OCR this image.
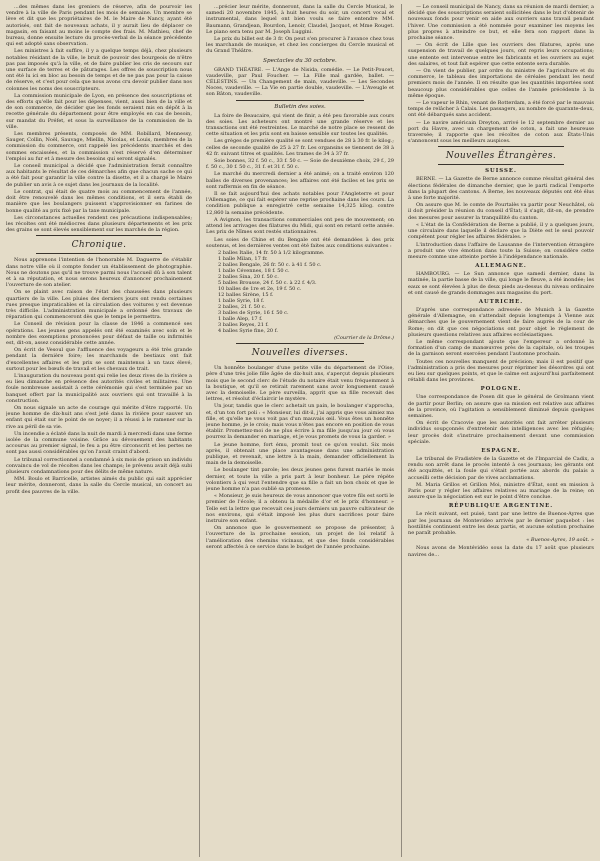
...des mêmes dans les greniers de réserve, afin de pourvoir les vendre à la ville de Paris pendant les mois de semaine. Un membre se lève et dit que les propriétaires de M. le Maire de Nancy, ayant été autorisés, ont fait de nouveaux achats, il y aurait lieu de déplacer ce magasin, en faisant au moins le compte des frais. M. Mathieu, chef de bureau, donne ensuite lecture du procès-verbal de la séance précédente qui est adopté sans observation.

Les ministres à fait suffire, il y a quelque temps déjà, chez plusieurs notables résidant de la ville, le bruit de pouvoir des bourgeois de n'être pas pas imposés qu'à la ville, et de faire publier les cris de secours sur une surface de terres et de pâturages. Les offres de souscription nous ont été lu ici en bloc au besoin de temps et de ne pas pas pour la caisse de réserve, et c'est pour cela que nous avons cru devoir publier dans nos colonnes les noms des souscripteurs.

La commission municipale de Lyon, en présence des souscriptions et des efforts qu'elle fait pour les dépenses, vient, aussi bien de la ville et de son commerce, de décider que les fonds seraient mis en dépôt à la recette générale du département pour être employés en cas de besoin, sur mandat du Préfet, et sous la surveillance de la commission de la ville.

Les membres présents, composés de MM. Robillard, Mennessy, Sauger, Collin, Noël, Sauvage, Miellin, Nicolas, et Louis, membres de la commission du commerce, ont rappelé les précédents marchés et des sommes encaissées, et la commission s'est réservé d'en déterminer l'emploi au fur et à mesure des besoins qui seront signalés.

Le conseil municipal a décidé que l'administration ferait connaître aux habitants le résultat de ces démarches afin que chacun sache ce qui a été fait pour garantir la ville contre la disette, et il a chargé le Maire de publier un avis à ce sujet dans les journaux de la localité.

Le contrat, qui était de quatre mois au commencement de l'année, doit être renouvelé dans les mêmes conditions, et il sera établi de manière que les boulangers puissent s'approvisionner en farines de bonne qualité au prix fixé par la taxe municipale.

Les circonstances actuelles rendent ces précautions indispensables; les récoltes ont été médiocres dans plusieurs départements et les prix des grains se sont élevés sensiblement sur les marchés de la région.

Chronique.

Nous apprenons l'intention de l'honorable M. Daguerre de s'établir dans notre ville où il compte fonder un établissement de photographie. Nous ne doutons pas qu'il ne trouve parmi nous l'accueil dû à son talent et à sa réputation, et nous serons heureux d'annoncer prochainement l'ouverture de son atelier.

On se plaint avec raison de l'état des chaussées dans plusieurs quartiers de la ville. Les pluies des derniers jours ont rendu certaines rues presque impraticables et la circulation des voitures y est devenue très difficile. L'administration municipale a ordonné des travaux de réparation qui commenceront dès que le temps le permettra.

Le Conseil de révision pour la classe de 1846 a commencé ses opérations. Les jeunes gens appelés ont été examinés avec soin et le nombre des exemptions prononcées pour défaut de taille ou infirmités est, dit-on, assez considérable cette année.

On écrit de Vesoul que l'affluence des voyageurs a été très grande pendant la dernière foire; les marchands de bestiaux ont fait d'excellentes affaires et les prix se sont maintenus à un taux élevé, surtout pour les bœufs de travail et les chevaux de trait.

L'inauguration du nouveau pont qui relie les deux rives de la rivière a eu lieu dimanche en présence des autorités civiles et militaires. Une foule nombreuse assistait à cette cérémonie qui s'est terminée par un banquet offert par la municipalité aux ouvriers qui ont travaillé à la construction.

On nous signale un acte de courage qui mérite d'être rapporté. Un jeune homme de dix-huit ans s'est jeté dans la rivière pour sauver un enfant qui était sur le point de se noyer; il a réussi à le ramener sur la rive au péril de sa vie.

Un incendie a éclaté dans la nuit de mardi à mercredi dans une ferme isolée de la commune voisine. Grâce au dévouement des habitants accourus au premier signal, le feu a pu être circonscrit et les pertes ne sont pas aussi considérables qu'on l'avait craint d'abord.

Le tribunal correctionnel a condamné à six mois de prison un individu convaincu de vol de récoltes dans les champs; le prévenu avait déjà subi plusieurs condamnations pour des délits de même nature.

MM. Boulo et Barricelle, artistes aimés du public qui sait apprécier leur mérite, donneront, dans la salle du Cercle musical, un concert au profit des pauvres de la ville.

...précier leur mérite, donneront, dans la salle du Cercle Musical, le samedi 20 novembre 1845, à huit heures du soir, un concert vocal et instrumental, dans lequel ont bien voulu se faire entendre MM. Baumann, Grandjean, Bourdon, Lenoir, Claudel, Jacquot, et Mme Rouget. Le piano sera tenu par M. Joseph Luggini.

Le prix du billet est de 3 fr. On peut s'en procurer à l'avance chez tous les marchands de musique, et chez les concierges du Cercle musical et du Grand Théâtre.

Spectacles du 30 octobre.

GRAND THÉATRE. — L'Ange de Nisida, comédie. — Le Petit-Poucet, vaudeville, par Paul Foucher. — La Fille mal gardée, ballet. — CÉLESTINS. — Un Changement de main, vaudeville. — Les Secondes Noces, vaudeville. — La Vie en partie double, vaudeville. — L'Aveugle et son Bâton, vaudeville.

Bulletin des soies.

La foire de Beaucaire, qui vient de finir, a été peu favorable aux cours des soies. Les acheteurs ont montré une grande réserve et les transactions ont été restreintes. Le marché de notre place se ressent de cette situation et les prix sont en baisse sensible sur toutes les qualités.

Les grèges de première qualité se sont vendues de 28 à 30 fr. le kilog.; celles de seconde qualité de 25 à 27 fr. Les organsins se tiennent de 38 à 42 fr. suivant titres et qualités. Les trames de 34 à 37 fr.

Soie bonnes, 32 f. 50 c., 33 f. 50 c. — Soie de deuxième choix, 29 f., 29 f. 50 c., 30 f. 50 c., 31 f. et 31 f. 50 c.

Le marché du mercredi dernier a été animé; on a traité environ 120 balles de diverses provenances; les affaires ont été faciles et les prix se sont raffermis en fin de séance.

Il se fait aujourd'hui des achats notables pour l'Angleterre et pour l'Allemagne, ce qui fait espérer une reprise prochaine dans les cours. La condition publique a enregistré cette semaine 14,325 kilog. contre 12,860 la semaine précédente.

A Avignon, les transactions commerciales ont peu de mouvement; on attend les arrivages des filatures du Midi, qui sont en retard cette année. Les prix de Nîmes sont restés stationnaires.

Les soies de Chine et du Bengale ont été demandées à des prix soutenus, et les dernières ventes ont été faites aux conditions suivantes :

2 balles Italie, 14 fr. 50 à 1/2 kilogramme.
1 balle Milan, 17 fr.
2 balles Bengale, 26 fr. 50 c. à 41 f. 50 c.
1 balle Cévennes, 18 f. 50 c.
2 balles Sina, 20 f. 50 c.
5 balles Brousse, 24 f. 50 c. à 22 f. 4/3.
10 balles de 1re et 2e, 19 f. 50 c.
12 balles Sirène, 15 f.
1 balle Syrie, 18 f.
2 balles, 21 f. 50 c.
3 balles de Syrie, 16 f. 50 c.
1 balle Alep, 17 f.
3 balles Reyes, 21 f.
4 balles Syrie fine, 20 f.
(Courrier de la Drôme.)
Nouvelles diverses.

Un honnête boulanger d'une petite ville du département de l'Oise, père d'une très jolie fille âgée de dix-huit ans, s'aperçut depuis plusieurs mois que le second clerc de l'étude du notaire était venu fréquemment à la boutique, et qu'il se retirait rarement sans avoir longuement causé avec la demoiselle. Le père surveilla, apprit que sa fille recevait des lettres, et résolut d'éclaircir le mystère.

Un jour, tandis que le clerc achetait un pain, le boulanger s'approcha, et, d'un ton fort poli : « Monsieur, lui dit-il, j'ai appris que vous aimiez ma fille, et qu'elle ne vous voit pas d'un mauvais œil. Vous êtes un honnête jeune homme, je le crois; mais vous n'êtes pas encore en position de vous établir. Promettez-moi de ne plus écrire à ma fille jusqu'au jour où vous pourrez la demander en mariage, et je vous promets de vous la garder. »

Le jeune homme, fort ému, promit tout ce qu'on voulut. Six mois après, il obtenait une place avantageuse dans une administration publique, et revenait, une lettre à la main, demander officiellement la main de la demoiselle.

Le boulanger tint parole; les deux jeunes gens furent mariés le mois dernier, et toute la ville a pris part à leur bonheur. Le père répète volontiers à qui veut l'entendre que sa fille a fait un bon choix et que le jeune homme n'a pas oublié sa promesse.

« Monsieur, je suis heureux de vous annoncer que votre fils est sorti le premier de l'école; il a obtenu la médaille d'or et le prix d'honneur. » Telle est la lettre que recevait ces jours derniers un pauvre cultivateur de nos environs, qui s'était imposé les plus durs sacrifices pour faire instruire son enfant.

On annonce que le gouvernement se propose de présenter, à l'ouverture de la prochaine session, un projet de loi relatif à l'amélioration des chemins vicinaux, et que des fonds considérables seront affectés à ce service dans le budget de l'année prochaine.

— Le conseil municipal de Nancy, dans sa réunion de mardi dernier, a décidé que des souscriptions seraient sollicitées dans le but d'obtenir de nouveaux fonds pour venir en aide aux ouvriers sans travail pendant l'hiver. Une commission a été nommée pour examiner les moyens les plus propres à atteindre ce but, et elle fera son rapport dans la prochaine séance.

— On écrit de Lille que les ouvriers des filatures, après une suspension de travail de quelques jours, ont repris leurs occupations; une entente est intervenue entre les fabricants et les ouvriers au sujet des salaires, et tout fait espérer que cette entente sera durable.

— On vient de publier, par ordre du ministre de l'agriculture et du commerce, le tableau des importations de céréales pendant les neuf premiers mois de l'année. Il en résulte que les quantités importées sont beaucoup plus considérables que celles de l'année précédente à la même époque.

— Le vapeur le Rhin, venant de Rotterdam, a été forcé par le mauvais temps de relâcher à Calais. Les passagers, au nombre de quarante-deux, ont été débarqués sans accident.

— Le navire américain Dreyton, arrivé le 12 septembre dernier au port du Havre, avec un chargement de coton, a fait une heureuse traversée; il rapporte que les récoltes de coton aux États-Unis s'annoncent sous les meilleurs auspices.

Nouvelles Étrangères.
SUISSE.

BERNE. — La Gazette de Berne annonce comme résultat général des élections fédérales de dimanche dernier, que le parti radical l'emporte dans la plupart des cantons. A Berne, les nouveaux députés ont été élus à une forte majorité.

On assure que M. le comte de Pourtalès va partir pour Neuchâtel, où il doit présider la réunion du conseil d'État; il s'agit, dit-on, de prendre des mesures pour assurer la tranquillité du canton.

« L'état de la Confédération de Berne a publié, il y a quelques jours, une circulaire dans laquelle il déclare que la Diète est le seul pouvoir compétent pour régler les affaires fédérales. »

L'introduction dans l'affaire de Lausanne de l'intervention étrangère a produit une vive émotion dans toute la Suisse; on considère cette mesure comme une atteinte portée à l'indépendance nationale.

ALLEMAGNE.

HAMBOURG. — Le Sun annonce que samedi dernier, dans la matinée, la partie basse de la ville, qui longe le fleuve, a été inondée; les eaux se sont élevées à plus de deux pieds au-dessus du niveau ordinaire et ont causé de grands dommages aux magasins du port.

AUTRICHE.

D'après une correspondance adressée de Munich à la Gazette générale d'Allemagne, on s'attendait depuis longtemps à Vienne aux démarches que le gouvernement vient de faire auprès de la cour de Rome; on dit que ces négociations ont pour objet le règlement de plusieurs questions relatives aux affaires ecclésiastiques.

Le même correspondant ajoute que l'empereur a ordonné la formation d'un camp de manœuvres près de la capitale, où les troupes de la garnison seront exercées pendant l'automne prochain.

Toutes ces nouvelles manquent de précision; mais il est positif que l'administration a pris des mesures pour réprimer les désordres qui ont eu lieu sur quelques points, et que le calme est aujourd'hui parfaitement rétabli dans les provinces.

POLOGNE.

Une correspondance de Posen dit que le général de Grolmann vient de partir pour Berlin; on assure que sa mission est relative aux affaires de la province, où l'agitation a sensiblement diminué depuis quelques semaines.

On écrit de Cracovie que les autorités ont fait arrêter plusieurs individus soupçonnés d'entretenir des intelligences avec les réfugiés; leur procès doit s'instruire prochainement devant une commission spéciale.

ESPAGNE.

Le tribunal de Fradistère de la Gazette et de l'Imparcial de Cadix, a rendu son arrêt dans le procès intenté à ces journaux; les gérants ont été acquittés, et la foule qui s'était portée aux abords du palais a accueilli cette décision par de vives acclamations.

M. Maria Grillos et Grillon Moi, ministre d'État, sont en mission à Paris pour y régler les affaires relatives au mariage de la reine; on assure que la négociation est sur le point d'être conclue.

RÉPUBLIQUE ARGENTINE.

Le récit suivant, est puisé, tant par une lettre de Buenos-Ayres que par les journaux de Montevideo arrivés par le dernier paquebot : les hostilités continuent entre les deux partis, et aucune solution prochaine ne paraît probable.

« Buenos-Ayres, 19 août. »

Nous avons de Montévidéo sous la date du 17 août que plusieurs navires de...
